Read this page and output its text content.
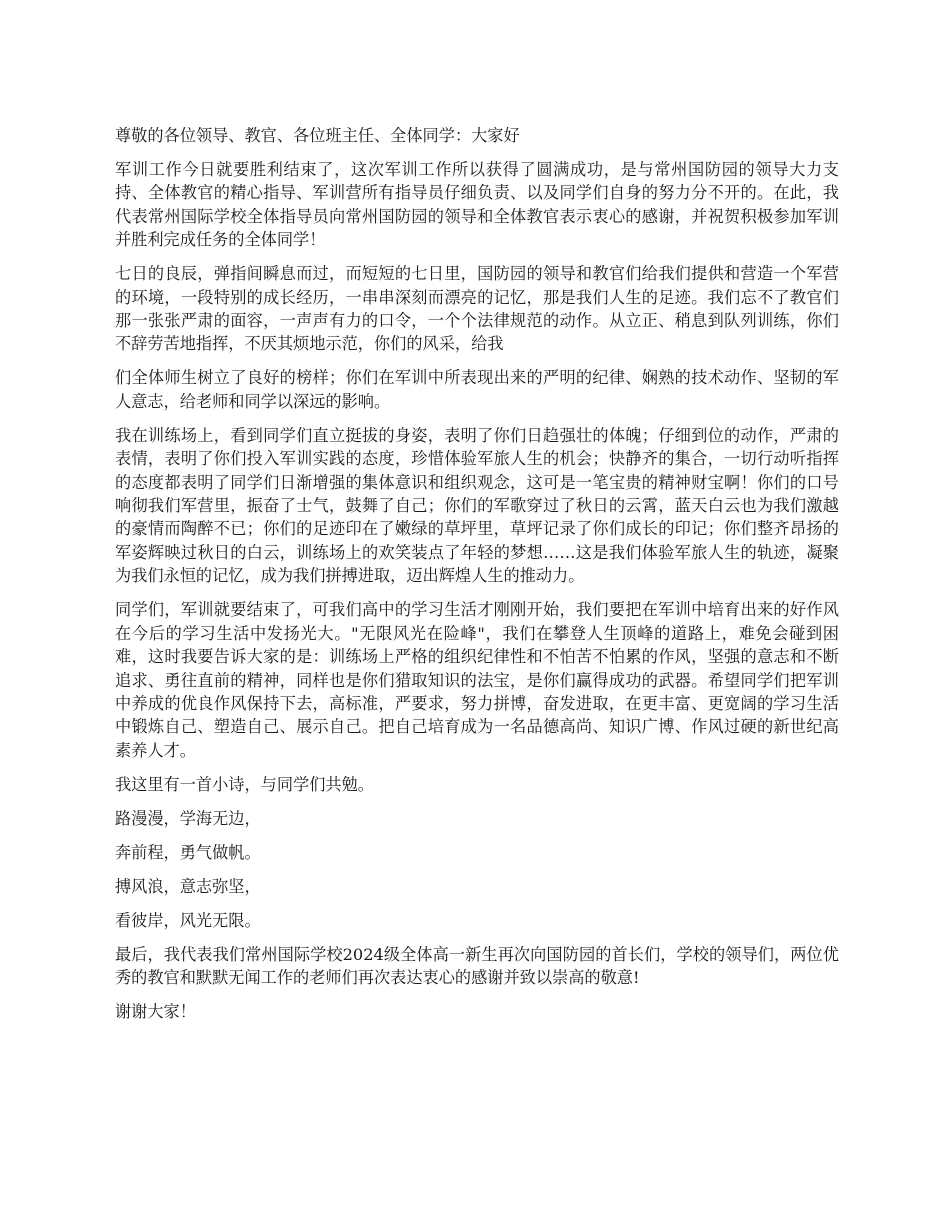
尊敬的各位领导、教官、各位班主任、全体同学：大家好

军训工作今日就要胜利结束了，这次军训工作所以获得了圆满成功，是与常州国防园的领导大力支持、全体教官的精心指导、军训营所有指导员仔细负责、以及同学们自身的努力分不开的。在此，我代表常州国际学校全体指导员向常州国防园的领导和全体教官表示衷心的感谢，并祝贺积极参加军训并胜利完成任务的全体同学！

七日的良辰，弹指间瞬息而过，而短短的七日里，国防园的领导和教官们给我们提供和营造一个军营的环境，一段特别的成长经历，一串串深刻而漂亮的记忆，那是我们人生的足迹。我们忘不了教官们那一张张严肃的面容，一声声有力的口令，一个个法律规范的动作。从立正、稍息到队列训练，你们不辞劳苦地指挥，不厌其烦地示范，你们的风采，给我

们全体师生树立了良好的榜样；你们在军训中所表现出来的严明的纪律、娴熟的技术动作、坚韧的军人意志，给老师和同学以深远的影响。

我在训练场上，看到同学们直立挺拔的身姿，表明了你们日趋强壮的体魄；仔细到位的动作，严肃的表情，表明了你们投入军训实践的态度，珍惜体验军旅人生的机会；快静齐的集合，一切行动听指挥的态度都表明了同学们日渐增强的集体意识和组织观念，这可是一笔宝贵的精神财宝啊！你们的口号响彻我们军营里，振奋了士气，鼓舞了自己；你们的军歌穿过了秋日的云霄，蓝天白云也为我们激越的豪情而陶醉不已；你们的足迹印在了嫩绿的草坪里，草坪记录了你们成长的印记；你们整齐昂扬的军姿辉映过秋日的白云，训练场上的欢笑装点了年轻的梦想……这是我们体验军旅人生的轨迹，凝聚为我们永恒的记忆，成为我们拼搏进取，迈出辉煌人生的推动力。

同学们，军训就要结束了，可我们高中的学习生活才刚刚开始，我们要把在军训中培育出来的好作风在今后的学习生活中发扬光大。"无限风光在险峰"，我们在攀登人生顶峰的道路上，难免会碰到困难，这时我要告诉大家的是：训练场上严格的组织纪律性和不怕苦不怕累的作风，坚强的意志和不断追求、勇往直前的精神，同样也是你们猎取知识的法宝，是你们赢得成功的武器。希望同学们把军训中养成的优良作风保持下去，高标准，严要求，努力拼博，奋发进取，在更丰富、更宽阔的学习生活中锻炼自己、塑造自己、展示自己。把自己培育成为一名品德高尚、知识广博、作风过硬的新世纪高素养人才。

我这里有一首小诗，与同学们共勉。

路漫漫，学海无边，

奔前程，勇气做帆。

搏风浪，意志弥坚，

看彼岸，风光无限。

最后，我代表我们常州国际学校2024级全体高一新生再次向国防园的首长们，学校的领导们，两位优秀的教官和默默无闻工作的老师们再次表达衷心的感谢并致以崇高的敬意!

谢谢大家！
